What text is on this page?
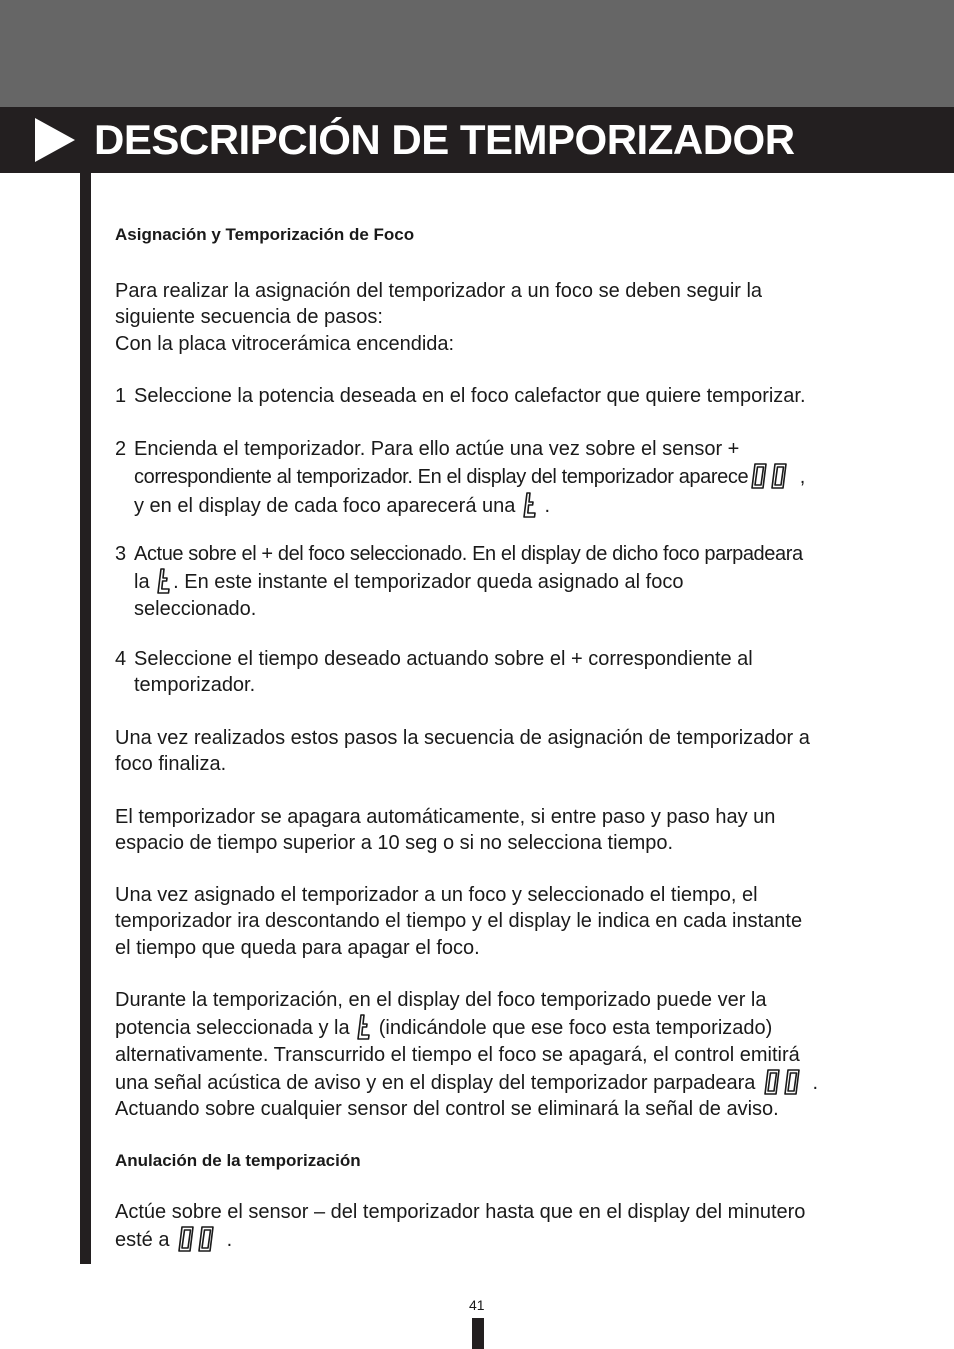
DESCRIPCIÓN DE TEMPORIZADOR

Asignación y Temporización de Foco

Para realizar la asignación del temporizador a un foco se deben seguir la
siguiente secuencia de pasos:
Con la placa vitrocerámica encendida:

1 Seleccione la potencia deseada en el foco calefactor que quiere temporizar.

2 Encienda el temporizador. Para ello actúe una vez sobre el sensor +
correspondiente al temporizador. En el display del temporizador aparece
,
y en el display de cada foco aparecerá una
.

3 Actue sobre el + del foco seleccionado. En el display de dicho foco parpadeara
la
. En este instante el temporizador queda asignado al foco
seleccionado.

4 Seleccione el tiempo deseado actuando sobre el + correspondiente al
temporizador.

Una vez realizados estos pasos la secuencia de asignación de temporizador a
foco finaliza.

El temporizador se apagara automáticamente, si entre paso y paso hay un
espacio de tiempo superior a 10 seg o si no selecciona tiempo.

Una vez asignado el temporizador a un foco y seleccionado el tiempo, el
temporizador ira descontando el tiempo y el display le indica en cada instante
el tiempo que queda para apagar el foco.

Durante la temporización, en el display del foco temporizado puede ver la
potencia seleccionada y la
(indicándole que ese foco esta temporizado)
alternativamente. Transcurrido el tiempo el foco se apagará, el control emitirá
una señal acústica de aviso y en el display del temporizador parpadeara
.
Actuando sobre cualquier sensor del control se eliminará la señal de aviso.

Anulación de la temporización

Actúe sobre el sensor – del temporizador hasta que en el display del minutero
esté a
.

41
